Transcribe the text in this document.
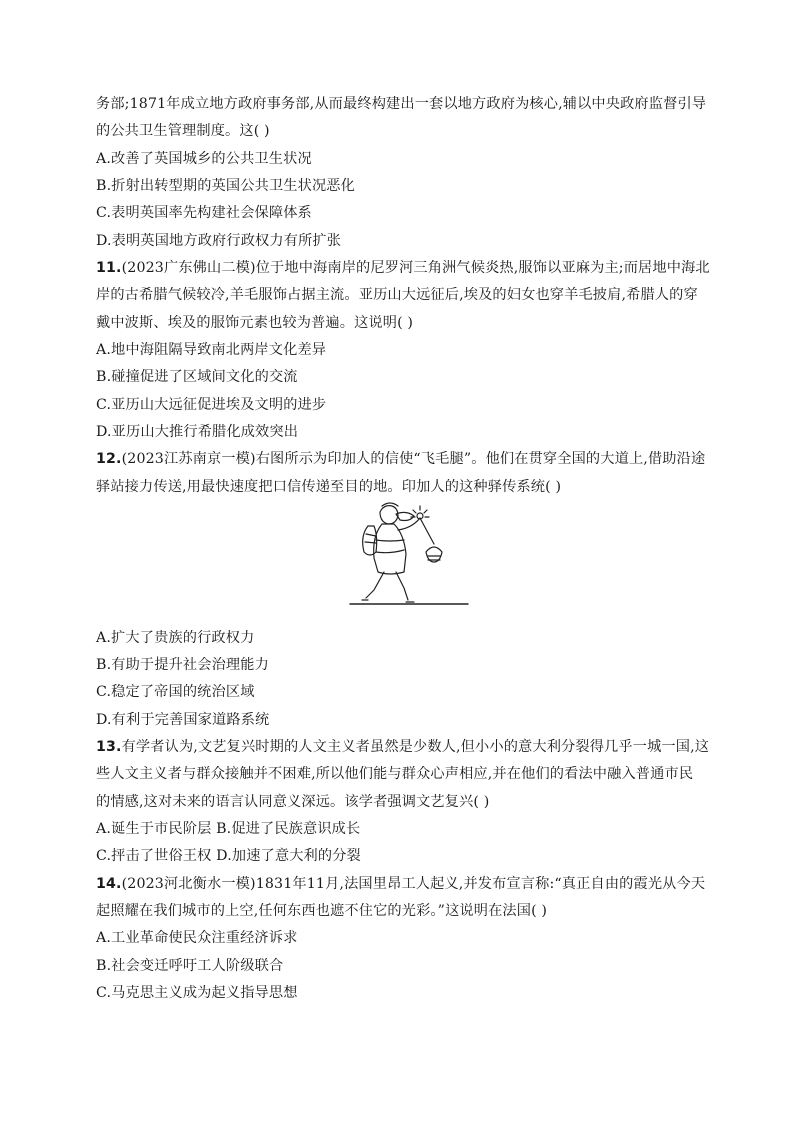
务部;1871年成立地方政府事务部,从而最终构建出一套以地方政府为核心,辅以中央政府监督引导
的公共卫生管理制度。这( )
A.改善了英国城乡的公共卫生状况
B.折射出转型期的英国公共卫生状况恶化
C.表明英国率先构建社会保障体系
D.表明英国地方政府行政权力有所扩张
11.(2023广东佛山二模)位于地中海南岸的尼罗河三角洲气候炎热,服饰以亚麻为主;而居地中海北
岸的古希腊气候较冷,羊毛服饰占据主流。亚历山大远征后,埃及的妇女也穿羊毛披肩,希腊人的穿
戴中波斯、埃及的服饰元素也较为普遍。这说明( )
A.地中海阻隔导致南北两岸文化差异
B.碰撞促进了区域间文化的交流
C.亚历山大远征促进埃及文明的进步
D.亚历山大推行希腊化成效突出
12.(2023江苏南京一模)右图所示为印加人的信使“飞毛腿”。他们在贯穿全国的大道上,借助沿途
驿站接力传送,用最快速度把口信传递至目的地。印加人的这种驿传系统( )
A.扩大了贵族的行政权力
B.有助于提升社会治理能力
C.稳定了帝国的统治区域
D.有利于完善国家道路系统
13.有学者认为,文艺复兴时期的人文主义者虽然是少数人,但小小的意大利分裂得几乎一城一国,这
些人文主义者与群众接触并不困难,所以他们能与群众心声相应,并在他们的看法中融入普通市民
的情感,这对未来的语言认同意义深远。该学者强调文艺复兴( )
A.诞生于市民阶层 B.促进了民族意识成长
C.抨击了世俗王权 D.加速了意大利的分裂
14.(2023河北衡水一模)1831年11月,法国里昂工人起义,并发布宣言称:“真正自由的霞光从今天
起照耀在我们城市的上空,任何东西也遮不住它的光彩。”这说明在法国( )
A.工业革命使民众注重经济诉求
B.社会变迁呼吁工人阶级联合
C.马克思主义成为起义指导思想
